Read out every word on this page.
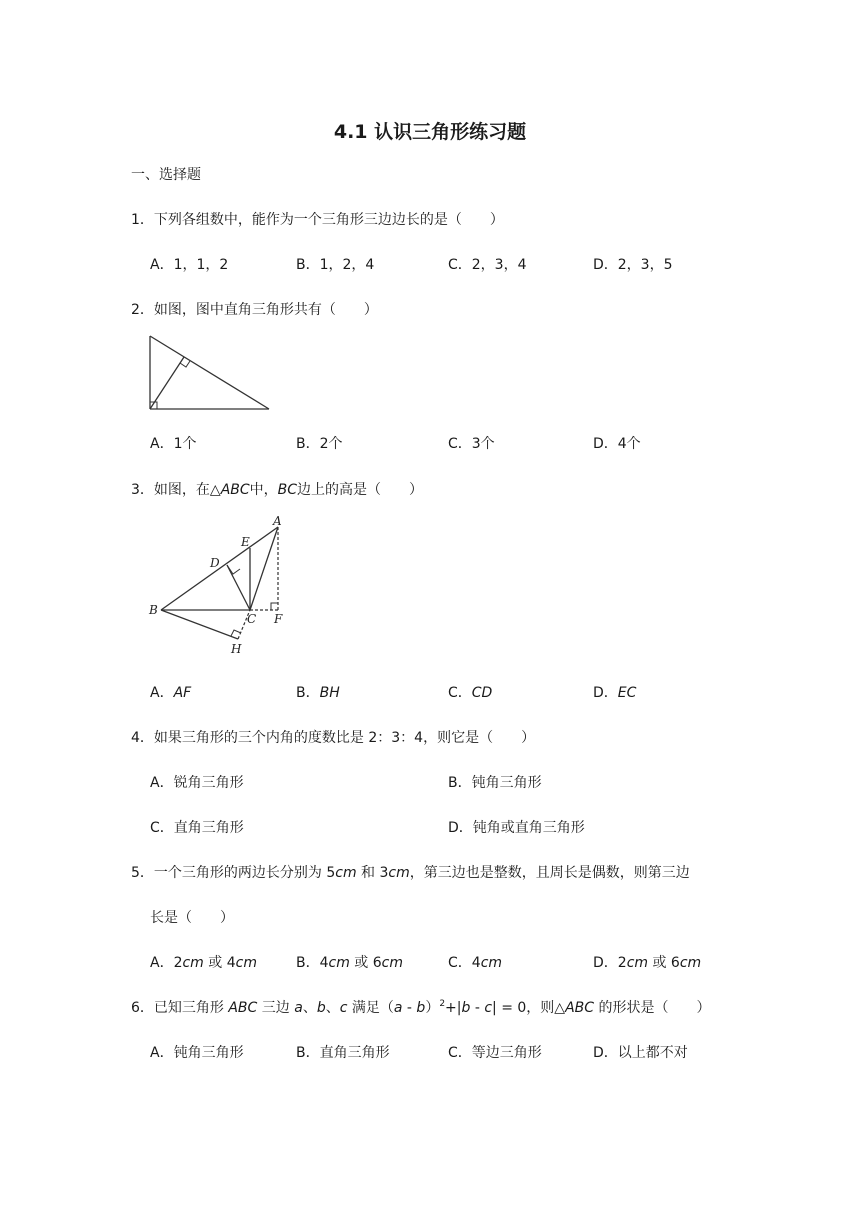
4.1 认识三角形练习题
一、选择题
1．下列各组数中，能作为一个三角形三边边长的是（　　）
A．1，1，2	B．1，2，4	C．2，3，4	D．2，3，5
2．如图，图中直角三角形共有（　　）
A．1个	B．2个	C．3个	D．4个
3．如图，在△ABC中，BC边上的高是（　　）
A
E
D
B
C F
H
A．AF	B．BH	C．CD	D．EC
4．如果三角形的三个内角的度数比是 2：3：4，则它是（　　）
A．锐角三角形	B．钝角三角形
C．直角三角形	D．钝角或直角三角形
5．一个三角形的两边长分别为 5cm 和 3cm，第三边也是整数，且周长是偶数，则第三边
长是（　　）
A．2cm 或 4cm	B．4cm 或 6cm	C．4cm	D．2cm 或 6cm
6．已知三角形 ABC 三边 a、b、c 满足（a - b）$^2$+|b - c| = 0，则△ABC 的形状是（　　）
A．钝角三角形	B．直角三角形	C．等边三角形	D．以上都不对
